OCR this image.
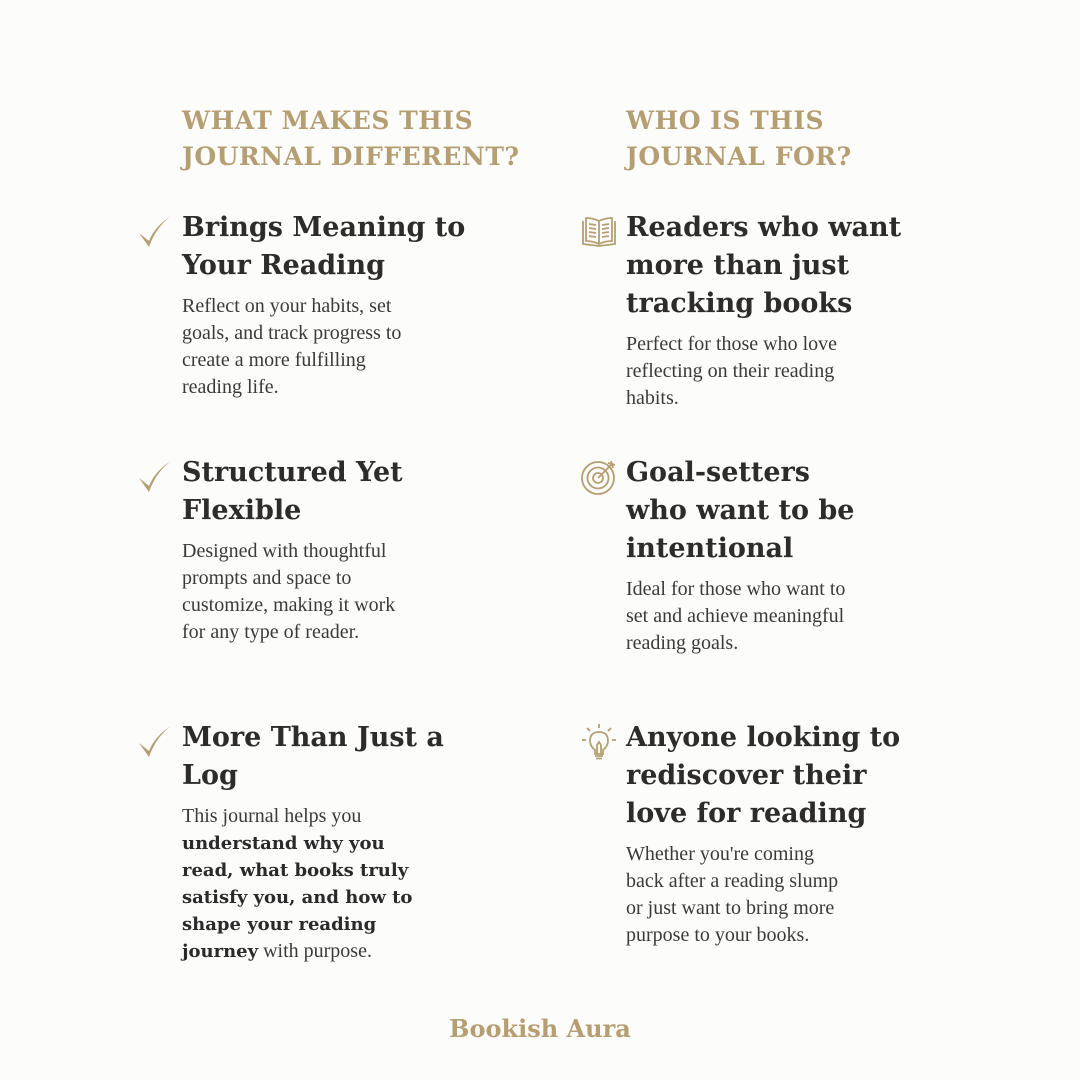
WHAT MAKES THIS
JOURNAL DIFFERENT?
WHO IS THIS
JOURNAL FOR?
Brings Meaning to
Your Reading

Reflect on your habits, set
goals, and track progress to
create a more fulfilling
reading life.

Structured Yet
Flexible

Designed with thoughtful
prompts and space to
customize, making it work
for any type of reader.

More Than Just a
Log

This journal helps you
understand why you
read, what books truly
satisfy you, and how to
shape your reading
journey with purpose.

Readers who want
more than just
tracking books

Perfect for those who love
reflecting on their reading
habits.

Goal-setters
who want to be
intentional

Ideal for those who want to
set and achieve meaningful
reading goals.

Anyone looking to
rediscover their
love for reading

Whether you're coming
back after a reading slump
or just want to bring more
purpose to your books.

Bookish Aura
